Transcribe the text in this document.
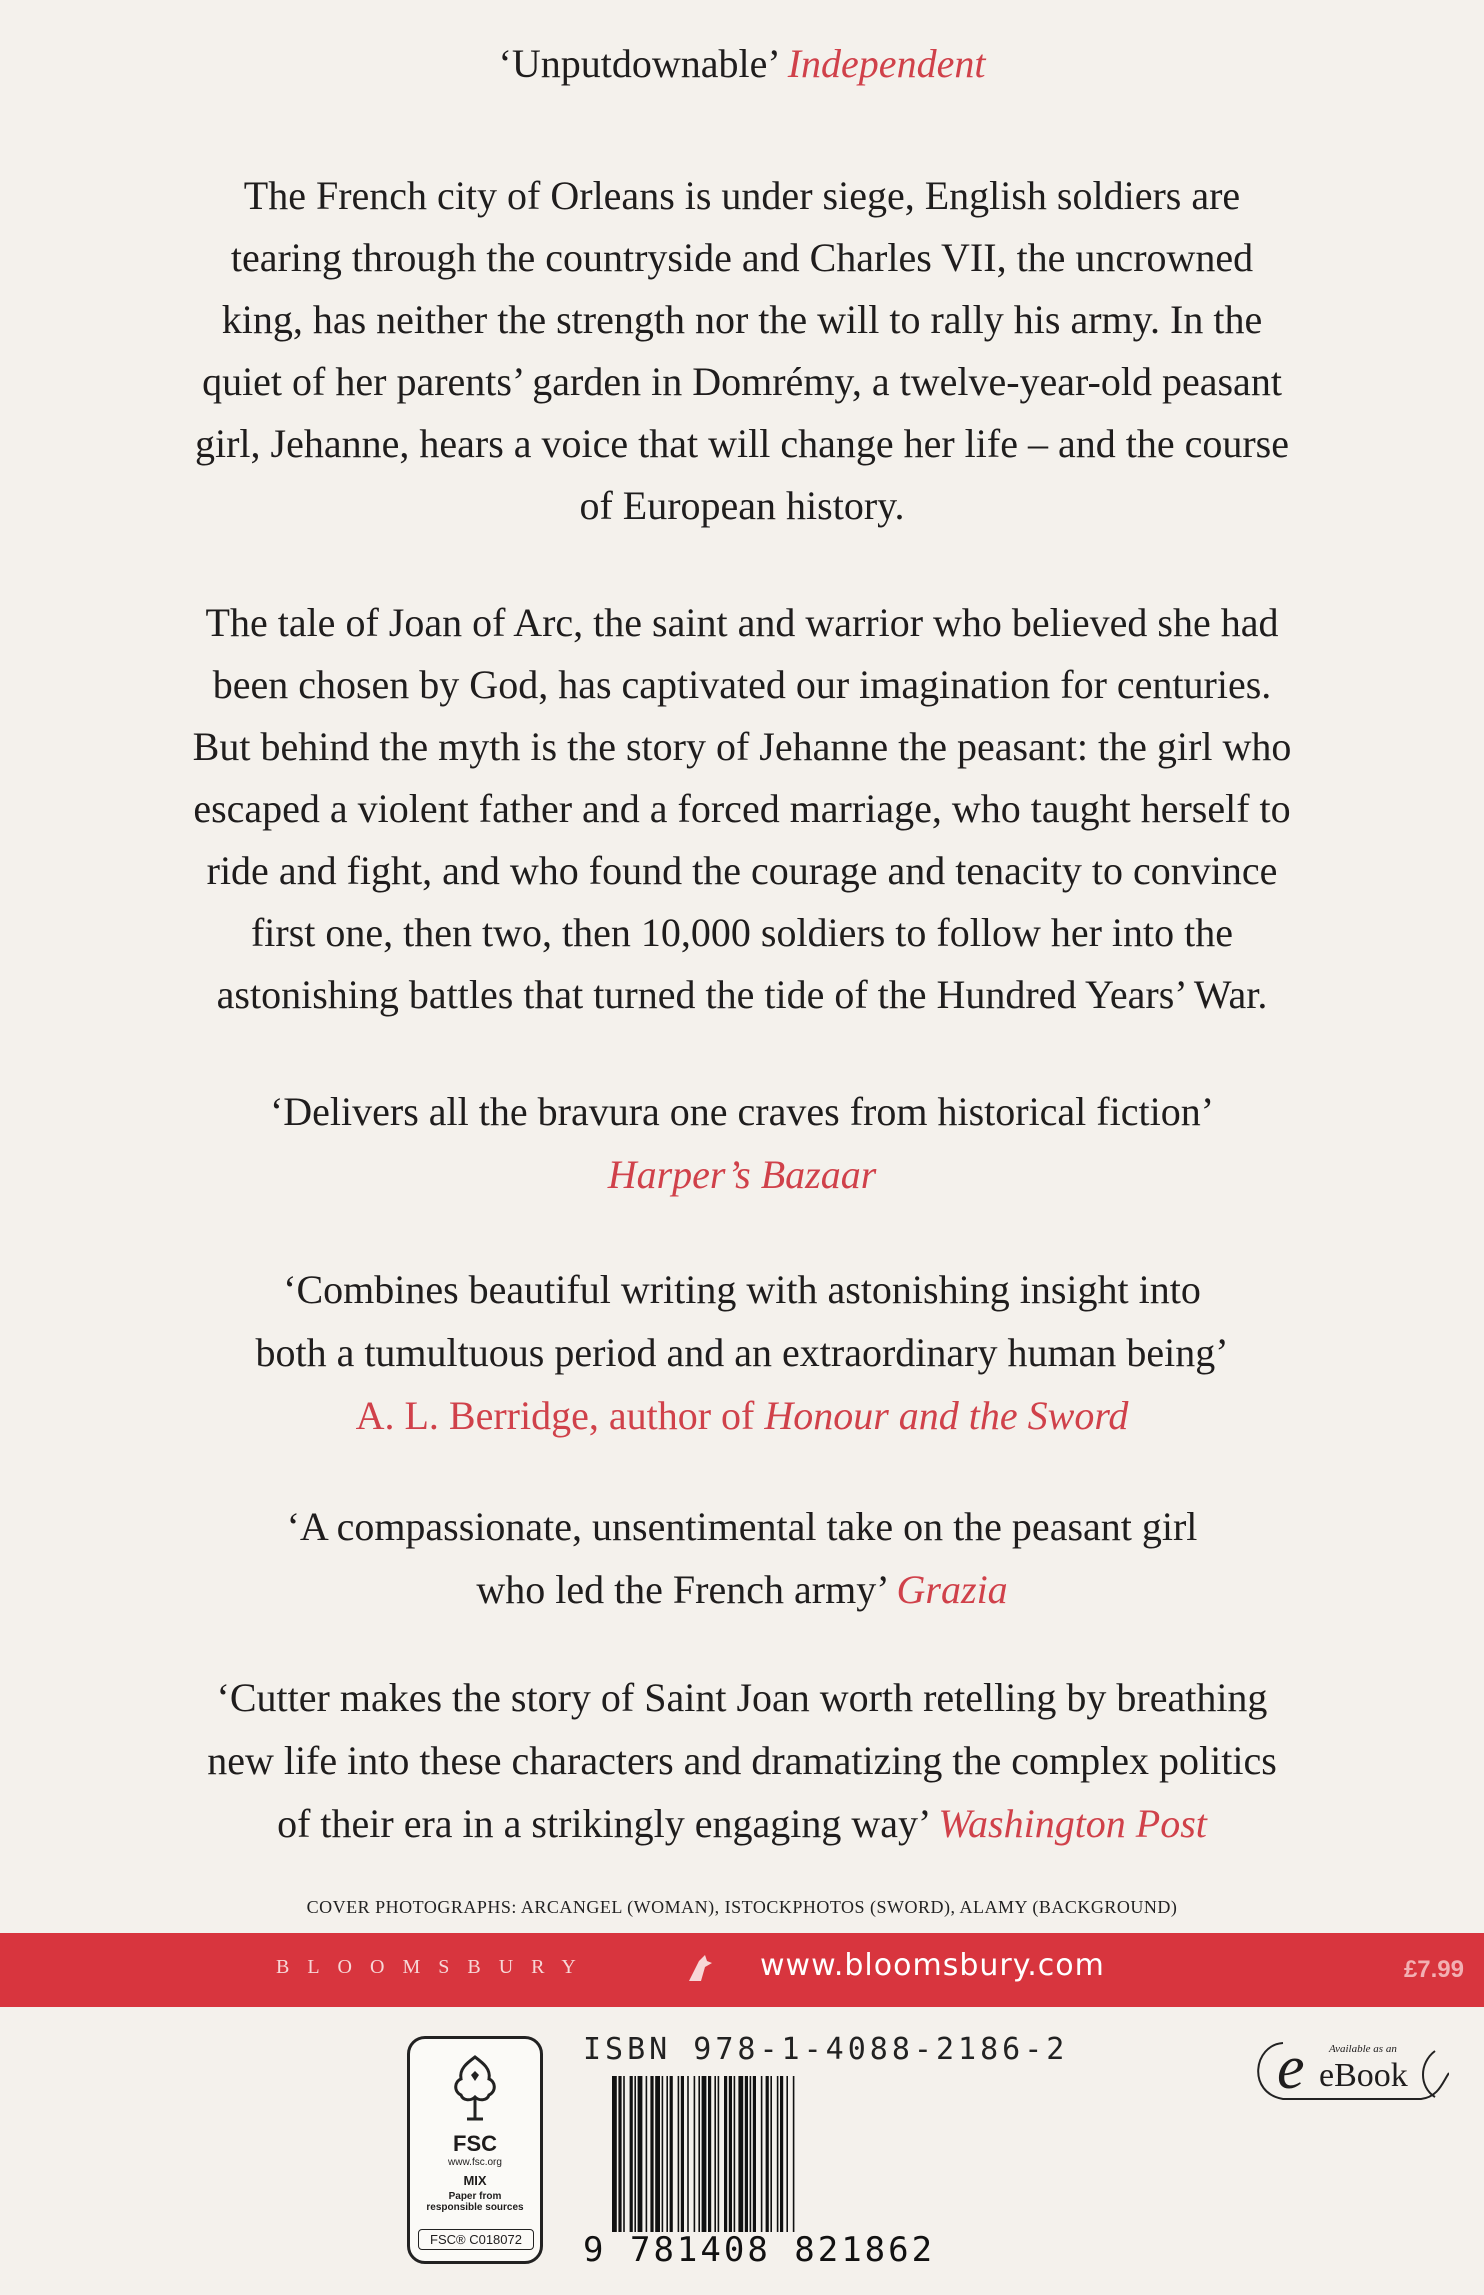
‘Unputdownable’ Independent
The French city of Orleans is under siege, English soldiers are
tearing through the countryside and Charles VII, the uncrowned
king, has neither the strength nor the will to rally his army. In the
quiet of her parents’ garden in Domrémy, a twelve-year-old peasant
girl, Jehanne, hears a voice that will change her life – and the course
of European history.
The tale of Joan of Arc, the saint and warrior who believed she had
been chosen by God, has captivated our imagination for centuries.
But behind the myth is the story of Jehanne the peasant: the girl who
escaped a violent father and a forced marriage, who taught herself to
ride and fight, and who found the courage and tenacity to convince
first one, then two, then 10,000 soldiers to follow her into the
astonishing battles that turned the tide of the Hundred Years’ War.
‘Delivers all the bravura one craves from historical fiction’
Harper’s Bazaar
‘Combines beautiful writing with astonishing insight into
both a tumultuous period and an extraordinary human being’
A. L. Berridge, author of Honour and the Sword
‘A compassionate, unsentimental take on the peasant girl
who led the French army’ Grazia
‘Cutter makes the story of Saint Joan worth retelling by breathing
new life into these characters and dramatizing the complex politics
of their era in a strikingly engaging way’ Washington Post
COVER PHOTOGRAPHS: ARCANGEL (WOMAN), ISTOCKPHOTOS (SWORD), ALAMY (BACKGROUND)
BLOOMSBURY	www.bloomsbury.com	£7.99
FSC
www.fsc.org
MIX
Paper from responsible sources
FSC® C018072
ISBN 978-1-4088-2186-2
9 781408 821862
e Available as an
eBook
